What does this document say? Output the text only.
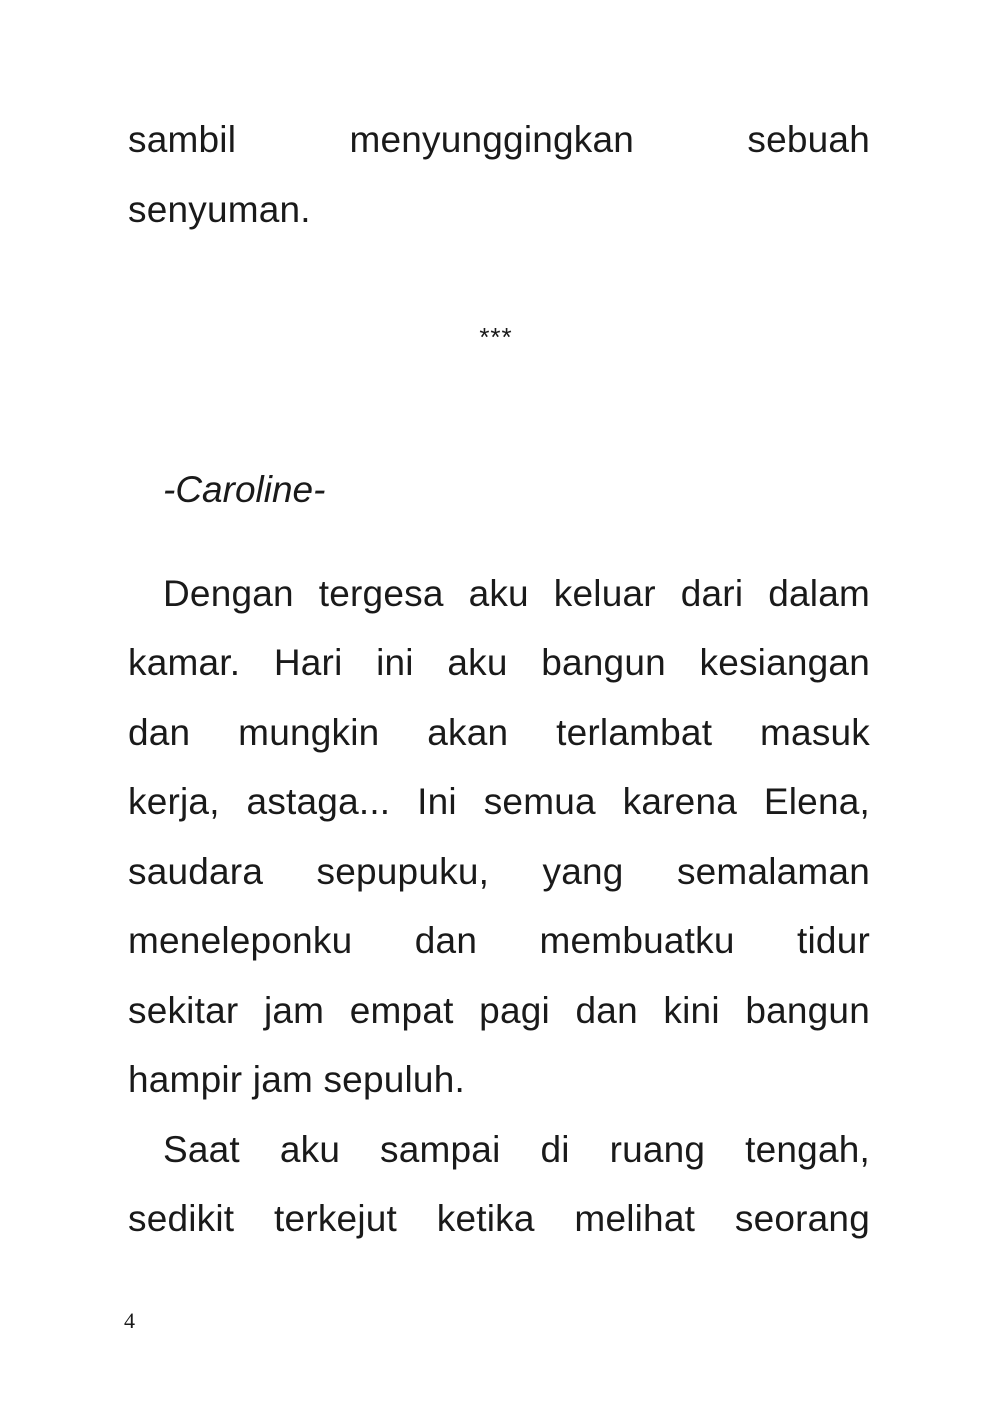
sambil menyunggingkan sebuah
senyuman.
***
-Caroline-
Dengan tergesa aku keluar dari dalam
kamar. Hari ini aku bangun kesiangan
dan mungkin akan terlambat masuk
kerja, astaga... Ini semua karena Elena,
saudara sepupuku, yang semalaman
meneleponku dan membuatku tidur
sekitar jam empat pagi dan kini bangun
hampir jam sepuluh.
Saat aku sampai di ruang tengah,
sedikit terkejut ketika melihat seorang
4
